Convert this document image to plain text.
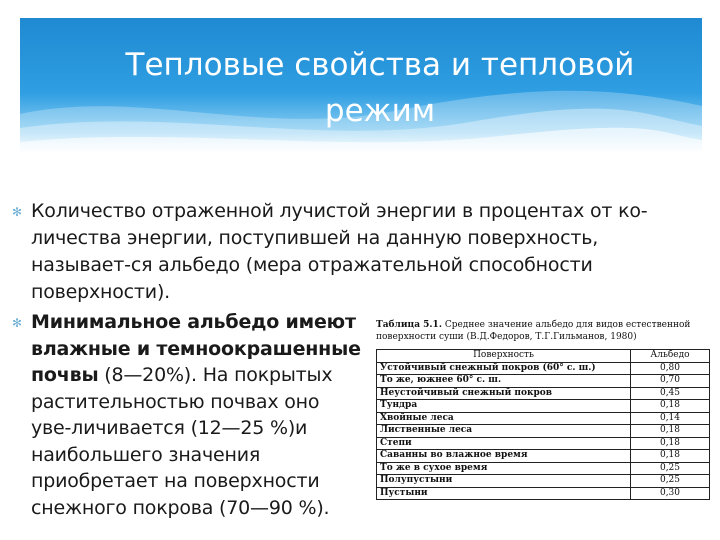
Тепловые свойства и тепловой
режим
✻ Количество отраженной лучистой энергии в процентах от ко-личества энергии, поступившей на данную поверхность, называет-ся альбедо (мера отражательной способности поверхности).
✻ Минимальное альбедо имеют влажные и темноокрашенные почвы (8—20%). На покрытых растительностью почвах оно уве-личивается (12—25 %)и наибольшего значения приобретает на поверхности снежного покрова (70—90 %).
Таблица 5.1. Среднее значение альбедо для видов естественной поверхности суши (В.Д.Федоров, Т.Г.Гильманов, 1980)
Поверхность	Альбедо
Устойчивый снежный покров (60° с. ш.)	0,80
То же, южнее 60° с. ш.	0,70
Неустойчивый снежный покров	0,45
Тундра	0,18
Хвойные леса	0,14
Лиственные леса	0,18
Степи	0,18
Саванны во влажное время	0,18
То же в сухое время	0,25
Полупустыни	0,25
Пустыни	0,30
